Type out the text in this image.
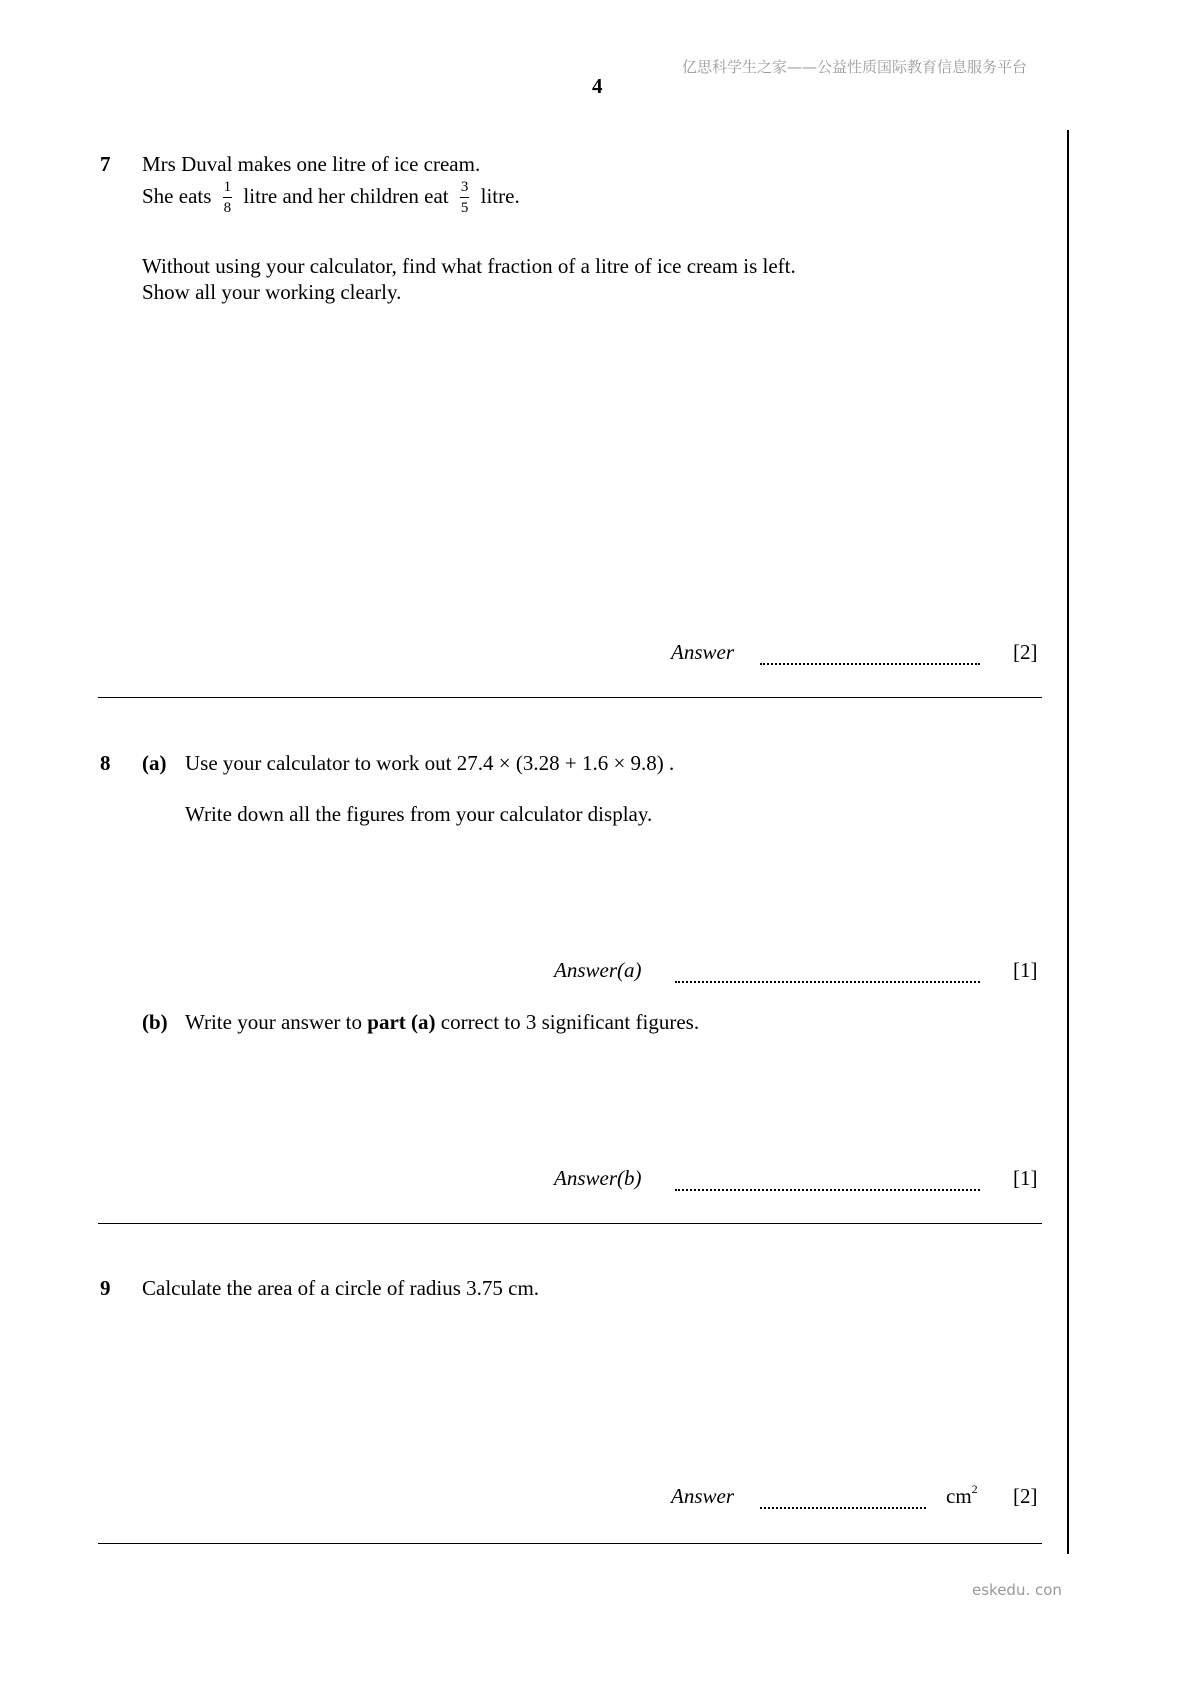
亿思科学生之家——公益性质国际教育信息服务平台
eskedu. con
4
7 Mrs Duval makes one litre of ice cream.
She eats $\frac{1}{8}$ litre and her children eat $\frac{3}{5}$ litre.
Without using your calculator, find what fraction of a litre of ice cream is left.
Show all your working clearly.
Answer	[2]
8 (a) Use your calculator to work out 27.4 × (3.28 + 1.6 × 9.8) .
Write down all the figures from your calculator display.
Answer(a)	[1]
(b) Write your answer to part (a) correct to 3 significant figures.
Answer(b)	[1]
9 Calculate the area of a circle of radius 3.75 cm.
Answer	$cm^2$ [2]
